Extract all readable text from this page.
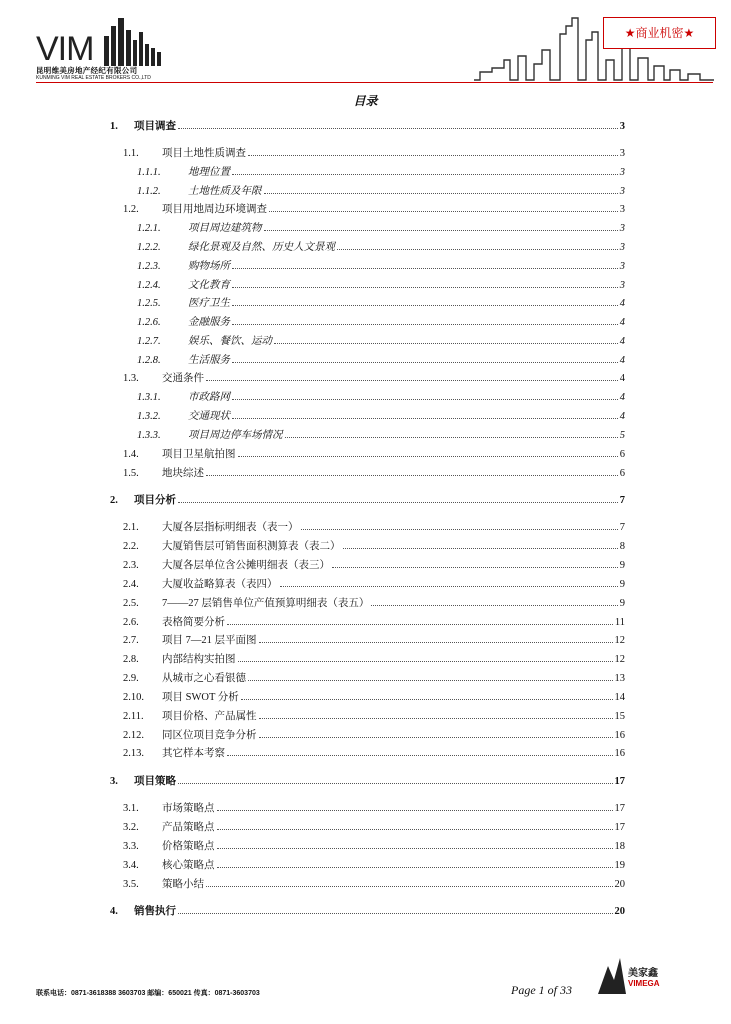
VIM
昆明维美房地产经纪有限公司
KUNMING VIM REAL ESTATE BROKERS CO.,LTD
★商业机密★
目录
1.	项目调查	3
1.1.	项目土地性质调查	3
1.1.1.	地理位置	3
1.1.2.	土地性质及年限	3
1.2.	项目用地周边环境调查	3
1.2.1.	项目周边建筑物	3
1.2.2.	绿化景观及自然、历史人文景观	3
1.2.3.	购物场所	3
1.2.4.	文化教育	3
1.2.5.	医疗卫生	4
1.2.6.	金融服务	4
1.2.7.	娱乐、餐饮、运动	4
1.2.8.	生活服务	4
1.3.	交通条件	4
1.3.1.	市政路网	4
1.3.2.	交通现状	4
1.3.3.	项目周边停车场情况	5
1.4.	项目卫星航拍图	6
1.5.	地块综述	6
2.	项目分析	7
2.1.	大厦各层指标明细表（表一）	7
2.2.	大厦销售层可销售面积测算表（表二）	8
2.3.	大厦各层单位含公摊明细表（表三）	9
2.4.	大厦收益略算表（表四）	9
2.5.	7——27 层销售单位产值预算明细表（表五）	9
2.6.	表格简要分析	11
2.7.	项目 7—21 层平面图	12
2.8.	内部结构实拍图	12
2.9.	从城市之心看银德	13
2.10.	项目 SWOT 分析	14
2.11.	项目价格、产品属性	15
2.12.	同区位项目竞争分析	16
2.13.	其它样本考察	16
3.	项目策略	17
3.1.	市场策略点	17
3.2.	产品策略点	17
3.3.	价格策略点	18
3.4.	核心策略点	19
3.5.	策略小结	20
4.	销售执行	20
联系电话：0871-3618388 3603703 邮编：650021 传真：0871-3603703	Page 1 of 33
美家鑫
VIMEGA
